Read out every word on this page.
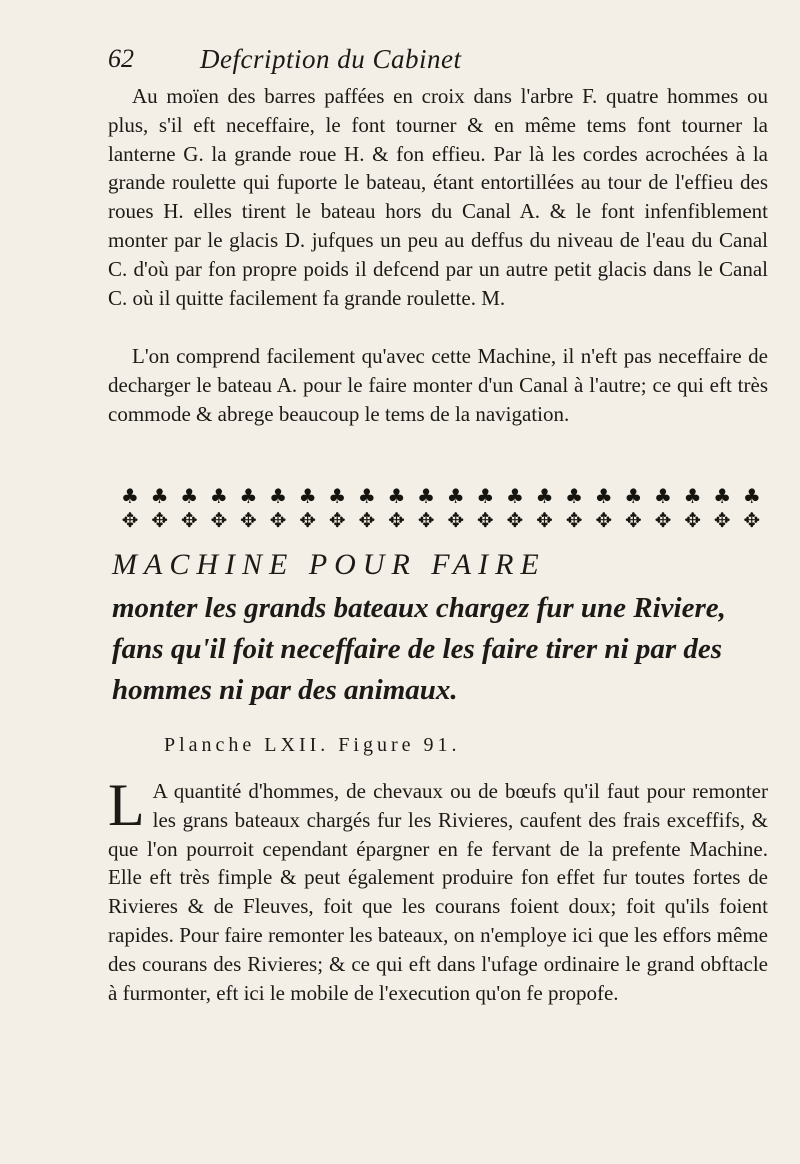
62 Defcription du Cabinet

Au moïen des barres paffées en croix dans l'arbre F. quatre hommes ou plus, s'il eft neceffaire, le font tourner & en même tems font tourner la lanterne G. la grande roue H. & fon effieu. Par là les cordes acrochées à la grande roulette qui fuporte le bateau, étant entortillées au tour de l'effieu des roues H. elles tirent le bateau hors du Canal A. & le font infenfiblement monter par le glacis D. jufques un peu au deffus du niveau de l'eau du Canal C. d'où par fon propre poids il defcend par un autre petit glacis dans le Canal C. où il quitte facilement fa grande roulette. M.

L'on comprend facilement qu'avec cette Machine, il n'eft pas neceffaire de decharger le bateau A. pour le faire monter d'un Canal à l'autre; ce qui eft très commode & abrege beaucoup le tems de la navigation.

♣ ♣ ♣ ♣ ♣ ♣ ♣ ♣ ♣ ♣ ♣ ♣ ♣ ♣ ♣ ♣ ♣ ♣ ♣ ♣ ♣ ♣
✥ ✥ ✥ ✥ ✥ ✥ ✥ ✥ ✥ ✥ ✥ ✥ ✥ ✥ ✥ ✥ ✥ ✥ ✥ ✥ ✥ ✥
MACHINE POUR FAIRE
monter les grands bateaux chargez fur une Riviere, fans qu'il foit neceffaire de les faire tirer ni par des hommes ni par des animaux.
Planche LXII. Figure 91.

L A quantité d'hommes, de chevaux ou de bœufs qu'il faut pour remonter les grans bateaux chargés fur les Rivieres, caufent des frais exceffifs, & que l'on pourroit cependant épargner en fe fervant de la prefente Machine. Elle eft très fimple & peut également produire fon effet fur toutes fortes de Rivieres & de Fleuves, foit que les courans foient doux; foit qu'ils foient rapides. Pour faire remonter les bateaux, on n'employe ici que les effors même des courans des Rivieres; & ce qui eft dans l'ufage ordinaire le grand obftacle à furmonter, eft ici le mobile de l'execution qu'on fe propofe.
